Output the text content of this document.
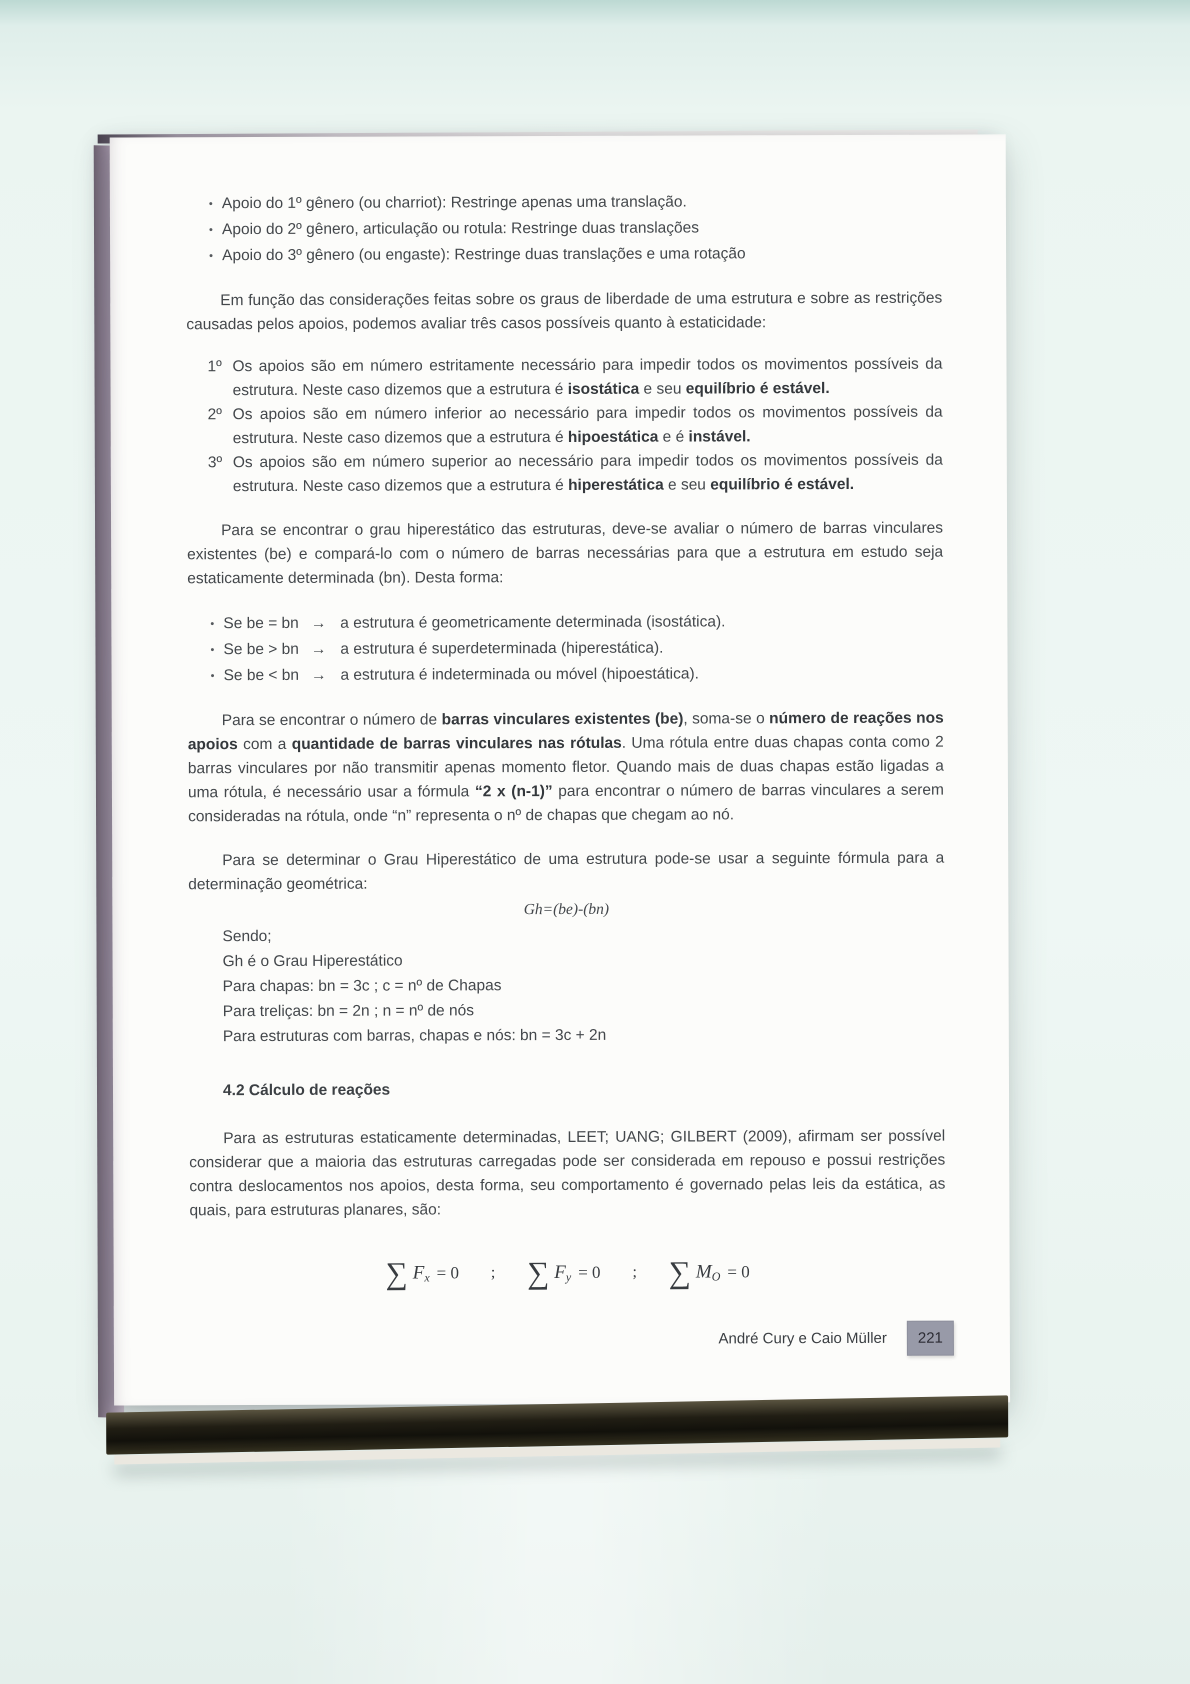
• Apoio do 1º gênero (ou charriot): Restringe apenas uma translação.
• Apoio do 2º gênero, articulação ou rotula: Restringe duas translações
• Apoio do 3º gênero (ou engaste): Restringe duas translações e uma rotação

Em função das considerações feitas sobre os graus de liberdade de uma estrutura e sobre as restrições causadas pelos apoios, podemos avaliar três casos possíveis quanto à estaticidade:

1º Os apoios são em número estritamente necessário para impedir todos os movimentos possíveis da estrutura. Neste caso dizemos que a estrutura é isostática e seu equilíbrio é estável.
2º Os apoios são em número inferior ao necessário para impedir todos os movimentos possíveis da estrutura. Neste caso dizemos que a estrutura é hipoestática e é instável.
3º Os apoios são em número superior ao necessário para impedir todos os movimentos possíveis da estrutura. Neste caso dizemos que a estrutura é hiperestática e seu equilíbrio é estável.

Para se encontrar o grau hiperestático das estruturas, deve-se avaliar o número de barras vinculares existentes (be) e compará-lo com o número de barras necessárias para que a estrutura em estudo seja estaticamente determinada (bn). Desta forma:

• Se be = bn → a estrutura é geometricamente determinada (isostática).
• Se be > bn → a estrutura é superdeterminada (hiperestática).
• Se be < bn → a estrutura é indeterminada ou móvel (hipoestática).

Para se encontrar o número de barras vinculares existentes (be), soma-se o número de reações nos apoios com a quantidade de barras vinculares nas rótulas. Uma rótula entre duas chapas conta como 2 barras vinculares por não transmitir apenas momento fletor. Quando mais de duas chapas estão ligadas a uma rótula, é necessário usar a fórmula “2 x (n-1)” para encontrar o número de barras vinculares a serem consideradas na rótula, onde “n” representa o nº de chapas que chegam ao nó.

Para se determinar o Grau Hiperestático de uma estrutura pode-se usar a seguinte fórmula para a determinação geométrica:

Gh=(be)-(bn)
Sendo;
Gh é o Grau Hiperestático
Para chapas: bn = 3c ; c = nº de Chapas
Para treliças: bn = 2n ; n = nº de nós
Para estruturas com barras, chapas e nós: bn = 3c + 2n
4.2 Cálculo de reações

Para as estruturas estaticamente determinadas, LEET; UANG; GILBERT (2009), afirmam ser possível considerar que a maioria das estruturas carregadas pode ser considerada em repouso e possui restrições contra deslocamentos nos apoios, desta forma, seu comportamento é governado pelas leis da estática, as quais, para estruturas planares, são:

∑ $F_x = 0$ ; ∑ $F_y = 0$ ; ∑ $M_O = 0$
André Cury e Caio Müller	221
